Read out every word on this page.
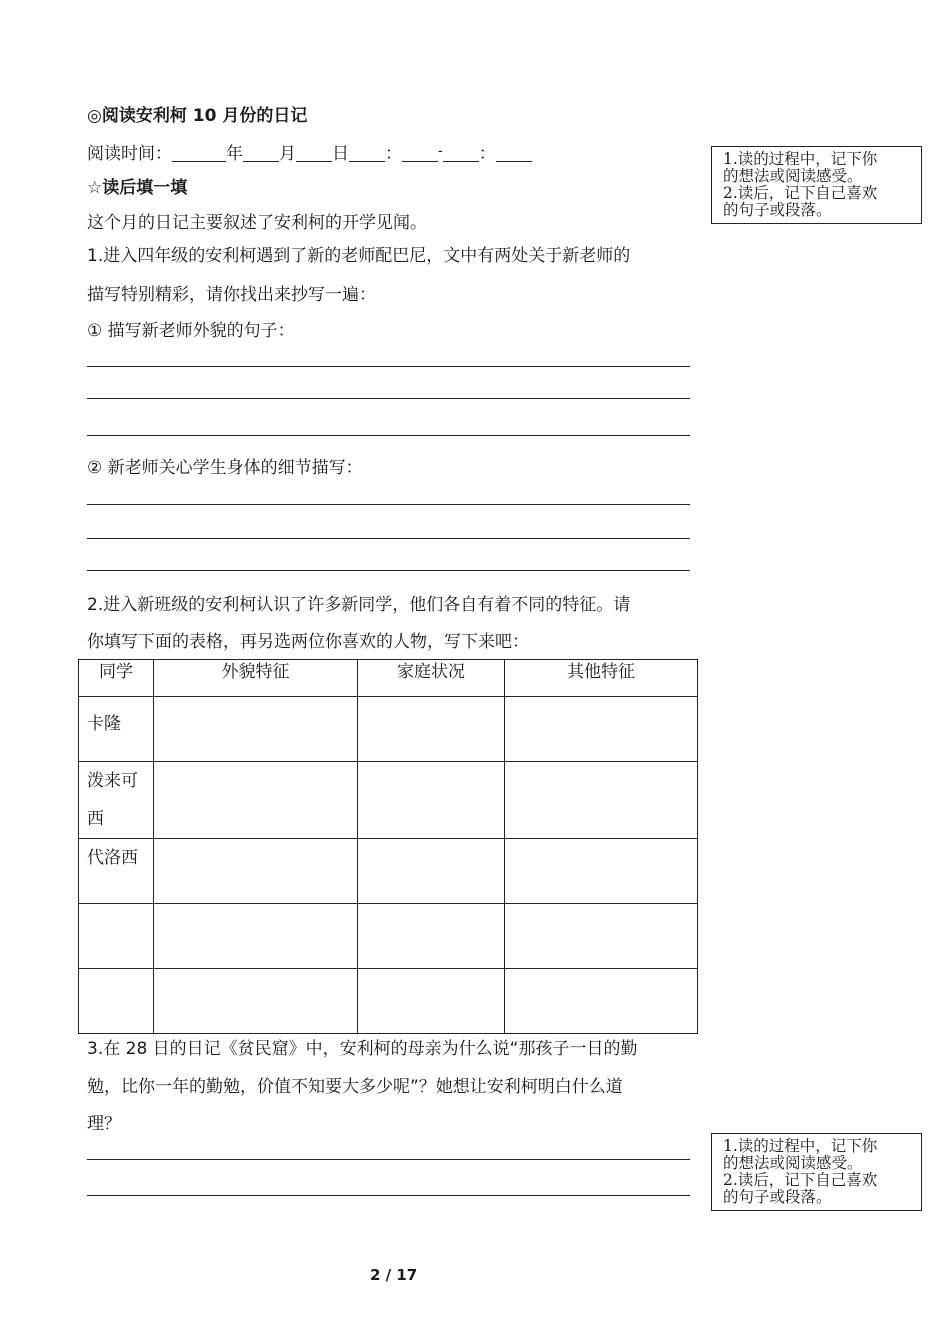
◎阅读安利柯 10 月份的日记
阅读时间：	年 月 日 ：	- ：
☆读后填一填
这个月的日记主要叙述了安利柯的开学见闻。
1.进入四年级的安利柯遇到了新的老师配巴尼，文中有两处关于新老师的
描写特别精彩，请你找出来抄写一遍：
① 描写新老师外貌的句子：
② 新老师关心学生身体的细节描写：
2.进入新班级的安利柯认识了许多新同学，他们各自有着不同的特征。请
你填写下面的表格，再另选两位你喜欢的人物，写下来吧：
同学	外貌特征	家庭状况	其他特征

卡隆			

泼来可
西			

代洛西			

3.在 28 日的日记《贫民窟》中，安利柯的母亲为什么说“那孩子一日的勤
勉，比你一年的勤勉，价值不知要大多少呢”？她想让安利柯明白什么道
理？
1.读的过程中，记下你
的想法或阅读感受。
2.读后，记下自己喜欢
的句子或段落。
1.读的过程中，记下你
的想法或阅读感受。
2.读后，记下自己喜欢
的句子或段落。
2 / 17
